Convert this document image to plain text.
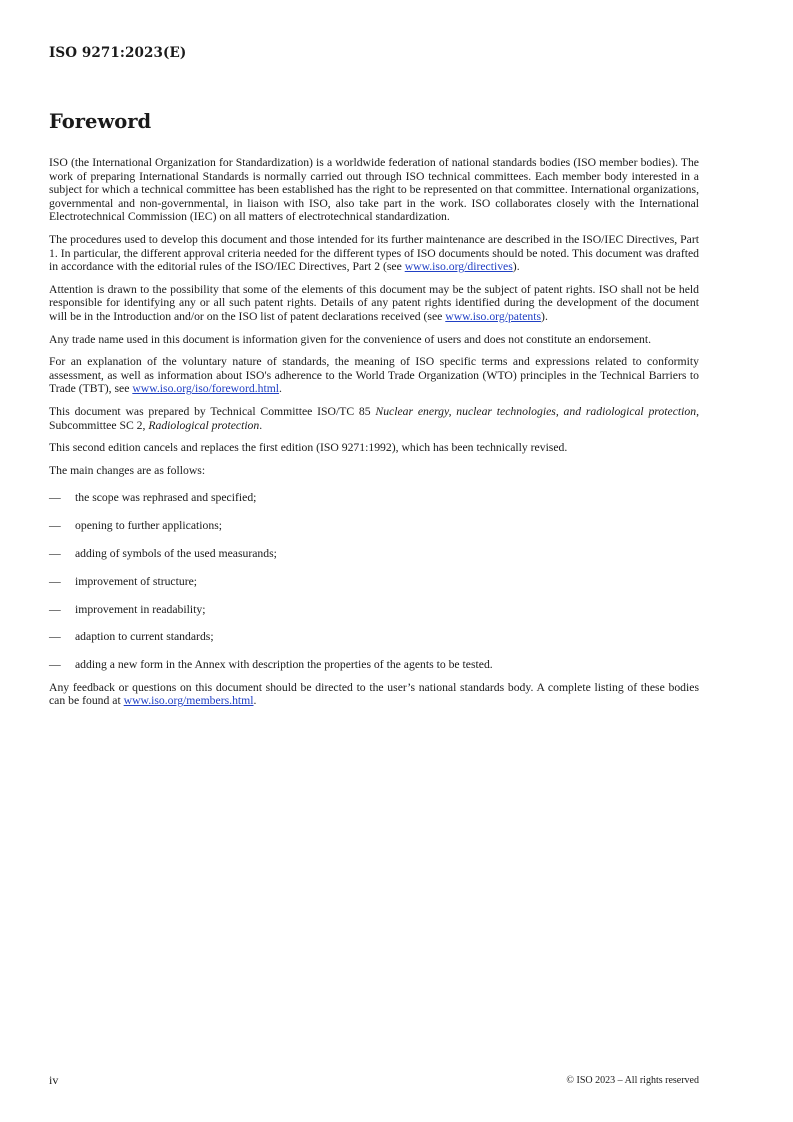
ISO 9271:2023(E)
Foreword

ISO (the International Organization for Standardization) is a worldwide federation of national standards bodies (ISO member bodies). The work of preparing International Standards is normally carried out through ISO technical committees. Each member body interested in a subject for which a technical committee has been established has the right to be represented on that committee. International organizations, governmental and non-governmental, in liaison with ISO, also take part in the work. ISO collaborates closely with the International Electrotechnical Commission (IEC) on all matters of electrotechnical standardization.

The procedures used to develop this document and those intended for its further maintenance are described in the ISO/IEC Directives, Part 1. In particular, the different approval criteria needed for the different types of ISO documents should be noted. This document was drafted in accordance with the editorial rules of the ISO/IEC Directives, Part 2 (see www.iso.org/directives).

Attention is drawn to the possibility that some of the elements of this document may be the subject of patent rights. ISO shall not be held responsible for identifying any or all such patent rights. Details of any patent rights identified during the development of the document will be in the Introduction and/or on the ISO list of patent declarations received (see www.iso.org/patents).

Any trade name used in this document is information given for the convenience of users and does not constitute an endorsement.

For an explanation of the voluntary nature of standards, the meaning of ISO specific terms and expressions related to conformity assessment, as well as information about ISO's adherence to the World Trade Organization (WTO) principles in the Technical Barriers to Trade (TBT), see www.iso.org/iso/foreword.html.

This document was prepared by Technical Committee ISO/TC 85 Nuclear energy, nuclear technologies, and radiological protection, Subcommittee SC 2, Radiological protection.

This second edition cancels and replaces the first edition (ISO 9271:1992), which has been technically revised.

The main changes are as follows:

—	the scope was rephrased and specified;
—	opening to further applications;
—	adding of symbols of the used measurands;
—	improvement of structure;
—	improvement in readability;
—	adaption to current standards;
—	adding a new form in the Annex with description the properties of the agents to be tested.

Any feedback or questions on this document should be directed to the user’s national standards body. A complete listing of these bodies can be found at www.iso.org/members.html.

iv	© ISO 2023 – All rights reserved
